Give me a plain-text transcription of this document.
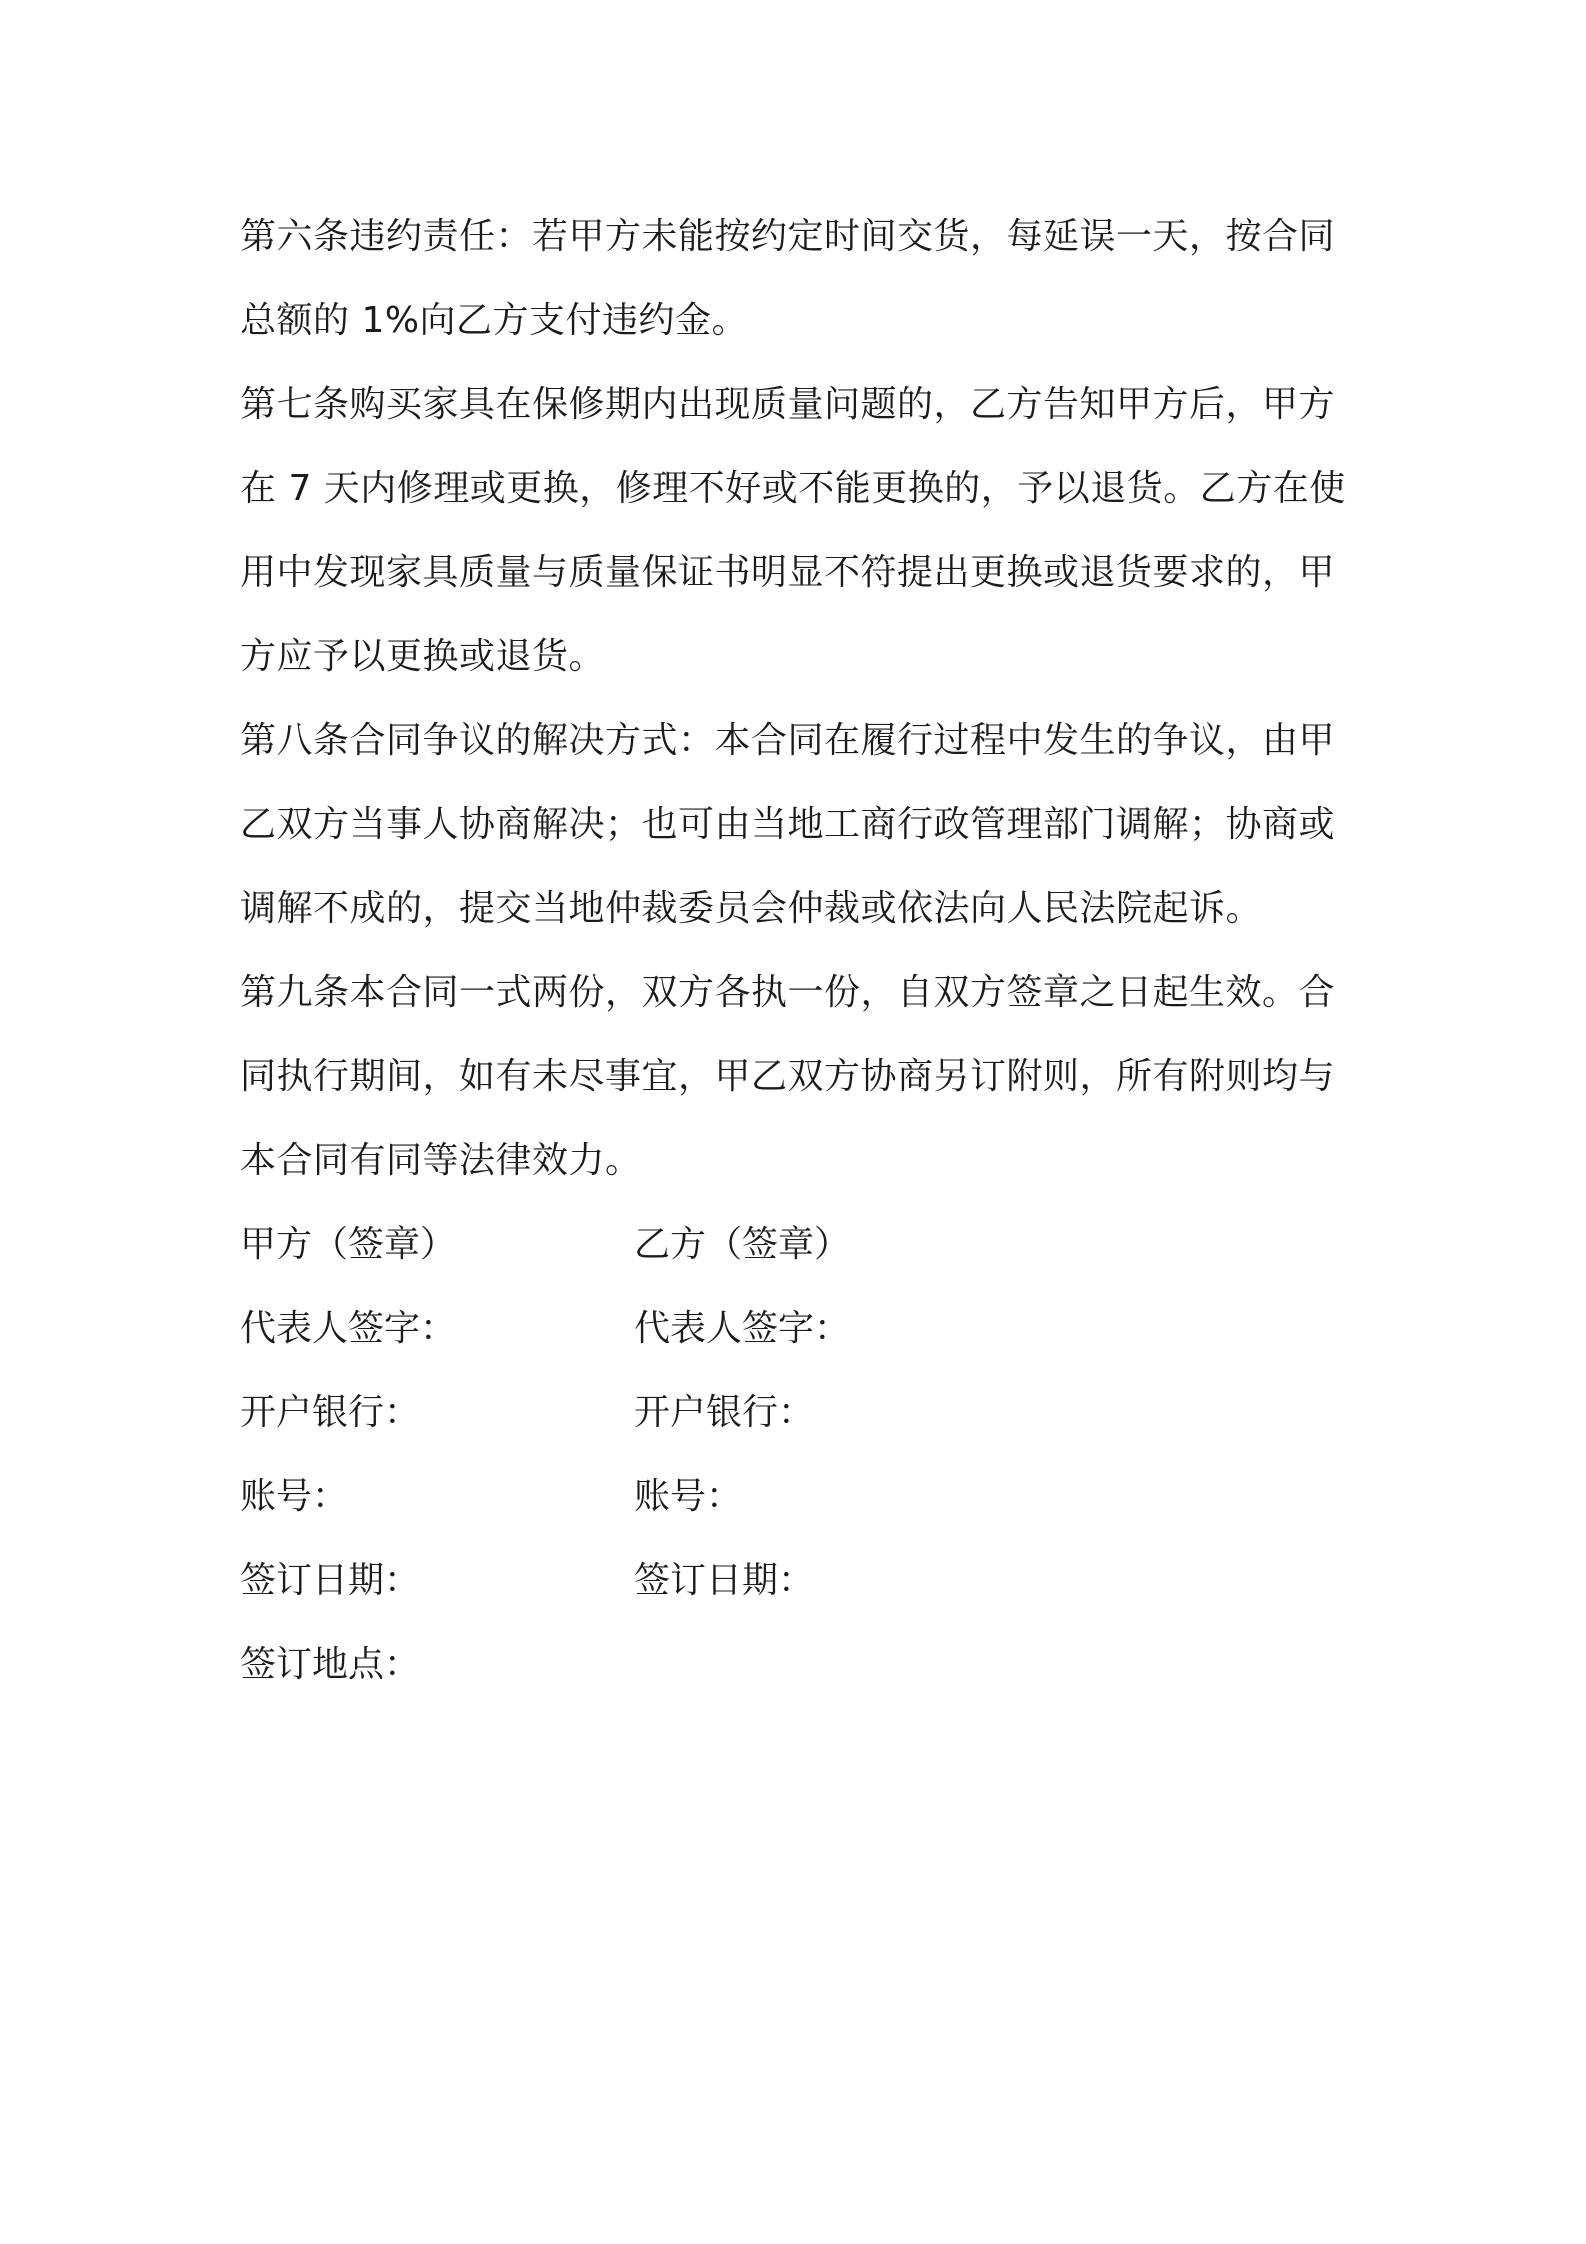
第六条违约责任：若甲方未能按约定时间交货，每延误一天，按合同总额的 1%向乙方支付违约金。

第七条购买家具在保修期内出现质量问题的，乙方告知甲方后，甲方在 7 天内修理或更换，修理不好或不能更换的，予以退货。乙方在使用中发现家具质量与质量保证书明显不符提出更换或退货要求的，甲方应予以更换或退货。

第八条合同争议的解决方式：本合同在履行过程中发生的争议，由甲乙双方当事人协商解决；也可由当地工商行政管理部门调解；协商或调解不成的，提交当地仲裁委员会仲裁或依法向人民法院起诉。

第九条本合同一式两份，双方各执一份，自双方签章之日起生效。合同执行期间，如有未尽事宜，甲乙双方协商另订附则，所有附则均与本合同有同等法律效力。

甲方（签章）	乙方（签章）
代表人签字：	代表人签字：
开户银行：	开户银行：
账号：	账号：
签订日期：	签订日期：
签订地点：
